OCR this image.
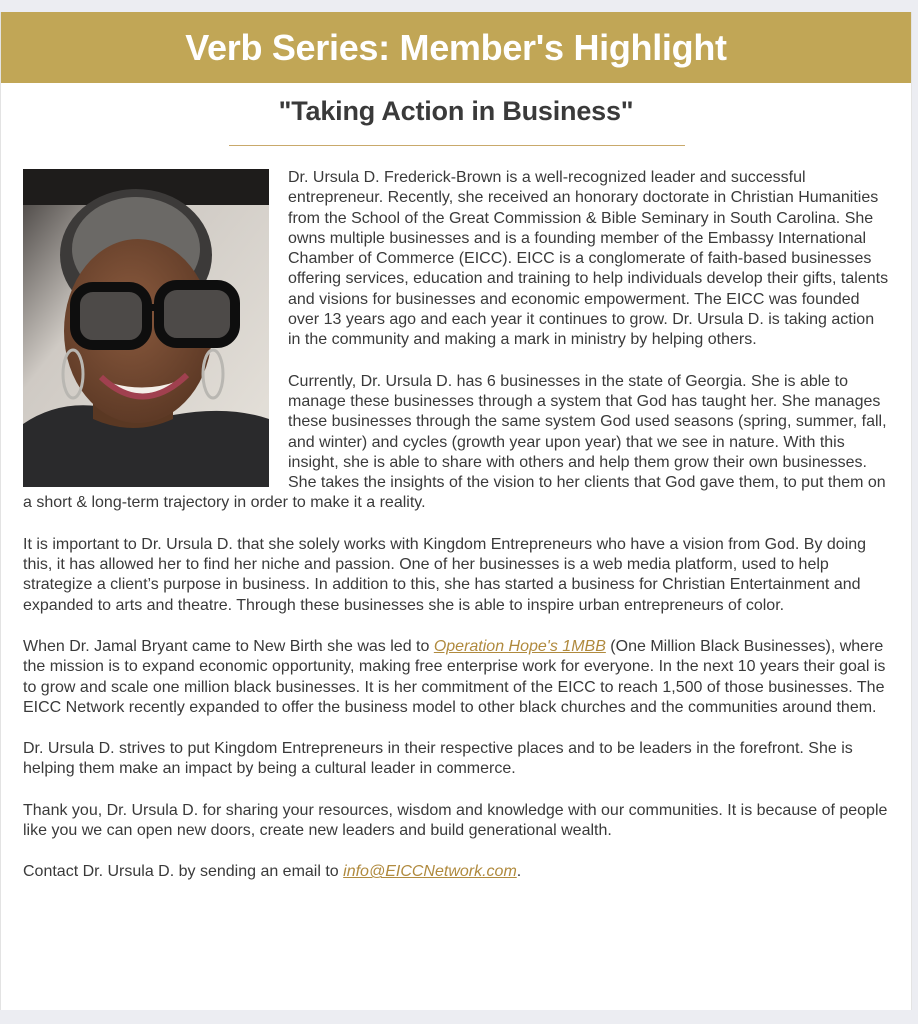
Verb Series: Member's Highlight
"Taking Action in Business"

Dr. Ursula D. Frederick-Brown is a well-recognized leader and successful entrepreneur. Recently, she received an honorary doctorate in Christian Humanities from the School of the Great Commission & Bible Seminary in South Carolina. She owns multiple businesses and is a founding member of the Embassy International Chamber of Commerce (EICC). EICC is a conglomerate of faith-based businesses offering services, education and training to help individuals develop their gifts, talents and visions for businesses and economic empowerment. The EICC was founded over 13 years ago and each year it continues to grow. Dr. Ursula D. is taking action in the community and making a mark in ministry by helping others.

Currently, Dr. Ursula D. has 6 businesses in the state of Georgia. She is able to manage these businesses through a system that God has taught her. She manages these businesses through the same system God used seasons (spring, summer, fall, and winter) and cycles (growth year upon year) that we see in nature. With this insight, she is able to share with others and help them grow their own businesses. She takes the insights of the vision to her clients that God gave them, to put them on a short & long-term trajectory in order to make it a reality.

It is important to Dr. Ursula D. that she solely works with Kingdom Entrepreneurs who have a vision from God. By doing this, it has allowed her to find her niche and passion. One of her businesses is a web media platform, used to help strategize a client’s purpose in business. In addition to this, she has started a business for Christian Entertainment and expanded to arts and theatre. Through these businesses she is able to inspire urban entrepreneurs of color.

When Dr. Jamal Bryant came to New Birth she was led to Operation Hope's 1MBB (One Million Black Businesses), where the mission is to expand economic opportunity, making free enterprise work for everyone. In the next 10 years their goal is to grow and scale one million black businesses. It is her commitment of the EICC to reach 1,500 of those businesses. The EICC Network recently expanded to offer the business model to other black churches and the communities around them.

Dr. Ursula D. strives to put Kingdom Entrepreneurs in their respective places and to be leaders in the forefront. She is helping them make an impact by being a cultural leader in commerce.

Thank you, Dr. Ursula D. for sharing your resources, wisdom and knowledge with our communities. It is because of people like you we can open new doors, create new leaders and build generational wealth.

Contact Dr. Ursula D. by sending an email to info@EICCNetwork.com.
